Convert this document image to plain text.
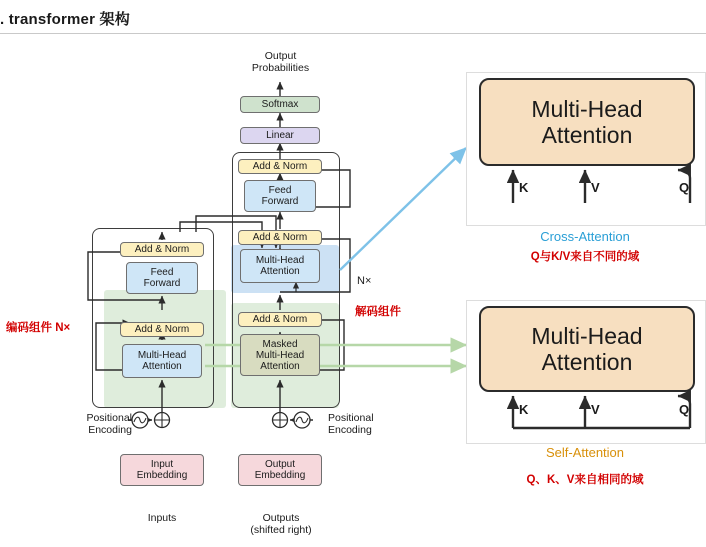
. transformer 架构
Output
Probabilities
Softmax
Linear
Add & Norm
Feed
Forward
Add & Norm
Multi-Head
Attention
Add & Norm
Masked
Multi-Head
Attention
Output
Embedding
Add & Norm
Feed
Forward
Add & Norm
Multi-Head
Attention
Input
Embedding
Positional
Encoding
Positional
Encoding
Inputs	Outputs
(shifted right)
N×
编码组件 N×
解码组件
Multi-Head
Attention
K	V	Q
Cross-Attention
Q与K/V来自不同的域
Multi-Head
Attention
K	V	Q
Self-Attention
Q、K、V来自相同的域
